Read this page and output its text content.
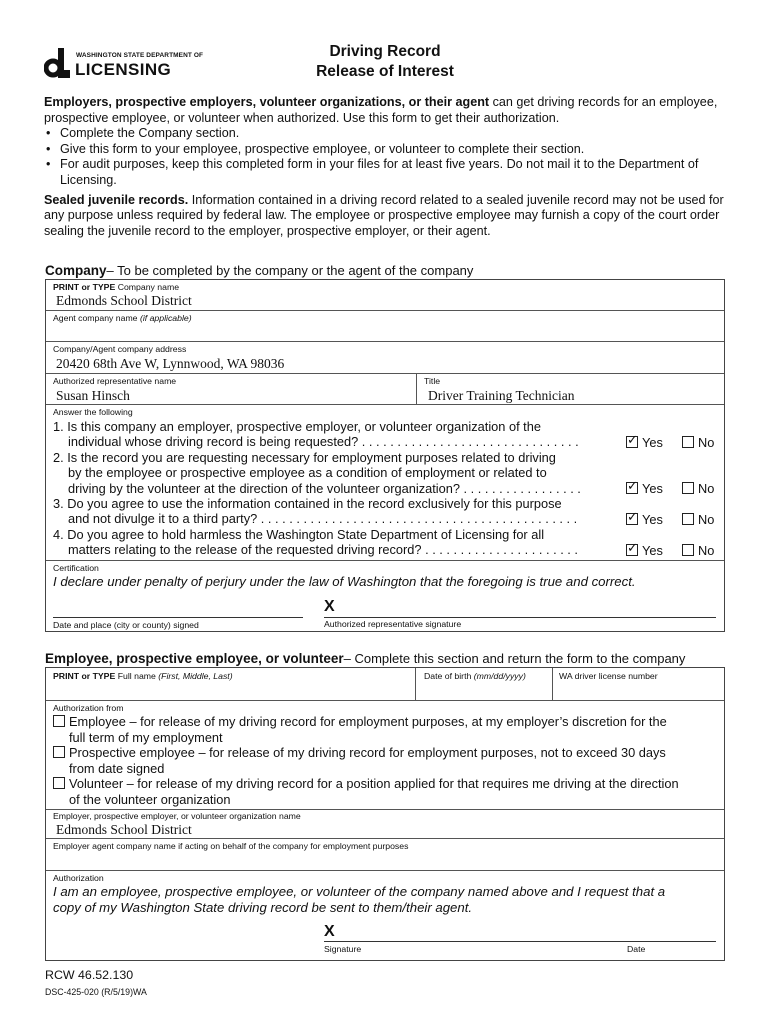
WASHINGTON STATE DEPARTMENT OF
LICENSING
Driving Record
Release of Interest

Employers, prospective employers, volunteer organizations, or their agent can get driving records for an employee, prospective employee, or volunteer when authorized. Use this form to get their authorization.

• Complete the Company section.
• Give this form to your employee, prospective employee, or volunteer to complete their section.
• For audit purposes, keep this completed form in your files for at least five years. Do not mail it to the Department of Licensing.

Sealed juvenile records. Information contained in a driving record related to a sealed juvenile record may not be used for any purpose unless required by federal law. The employee or prospective employee may furnish a copy of the court order sealing the juvenile record to the employer, prospective employer, or their agent.

Company– To be completed by the company or the agent of the company
PRINT or TYPE Company name
Edmonds School District
Agent company name (if applicable)
Company/Agent company address
20420 68th Ave W, Lynnwood, WA 98036
Authorized representative name
Susan Hinsch
Title
Driver Training Technician
Answer the following
1. Is this company an employer, prospective employer, or volunteer organization of the
individual whose driving record is being requested? . . . . . . . . . . . . . . . . . . . . . . . . . . . . . . . ✓	Yes	No
2. Is the record you are requesting necessary for employment purposes related to driving
by the employee or prospective employee as a condition of employment or related to
driving by the volunteer at the direction of the volunteer organization? . . . . . . . . . . . . . . . . . ✓	Yes	No
3. Do you agree to use the information contained in the record exclusively for this purpose
and not divulge it to a third party? . . . . . . . . . . . . . . . . . . . . . . . . . . . . . . . . . . . . . . . . . . . . . ✓	Yes	No
4. Do you agree to hold harmless the Washington State Department of Licensing for all
matters relating to the release of the requested driving record? . . . . . . . . . . . . . . . . . . . . . . ✓	Yes	No
Certification
I declare under penalty of perjury under the law of Washington that the foregoing is true and correct.
X
Date and place (city or county) signed	Authorized representative signature
Employee, prospective employee, or volunteer– Complete this section and return the form to the company
PRINT or TYPE Full name (First, Middle, Last)	Date of birth (mm/dd/yyyy)	WA driver license number
Authorization from
Employee – for release of my driving record for employment purposes, at my employer’s discretion for the
full term of my employment
Prospective employee – for release of my driving record for employment purposes, not to exceed 30 days
from date signed
Volunteer – for release of my driving record for a position applied for that requires me driving at the direction
of the volunteer organization
Employer, prospective employer, or volunteer organization name
Edmonds School District
Employer agent company name if acting on behalf of the company for employment purposes
Authorization
I am an employee, prospective employee, or volunteer of the company named above and I request that a
copy of my Washington State driving record be sent to them/their agent.
X
Signature	Date
RCW 46.52.130
DSC-425-020 (R/5/19)WA
